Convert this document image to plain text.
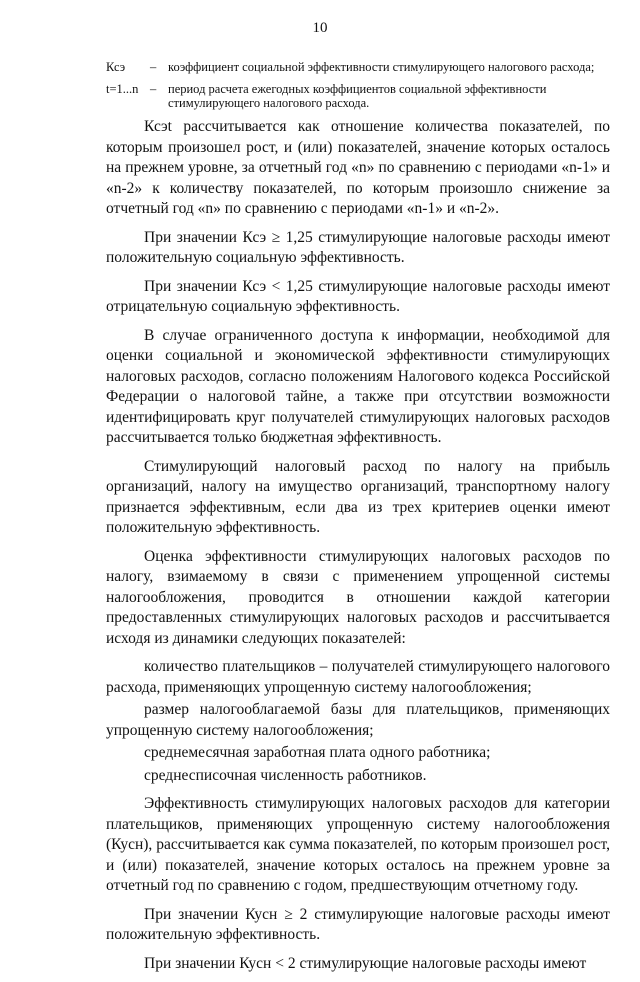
10
Ксэ	– коэффициент социальной эффективности стимулирующего налогового расхода;
t=1...n – период расчета ежегодных коэффициентов социальной эффективности стимулирующего налогового расхода.

Ксэt рассчитывается как отношение количества показателей, по которым произошел рост, и (или) показателей, значение которых осталось на прежнем уровне, за отчетный год «n» по сравнению с периодами «n-1» и «n-2» к количеству показателей, по которым произошло снижение за отчетный год «n» по сравнению с периодами «n-1» и «n-2».

При значении Ксэ ≥ 1,25 стимулирующие налоговые расходы имеют положительную социальную эффективность.

При значении Ксэ < 1,25 стимулирующие налоговые расходы имеют отрицательную социальную эффективность.

В случае ограниченного доступа к информации, необходимой для оценки социальной и экономической эффективности стимулирующих налоговых расходов, согласно положениям Налогового кодекса Российской Федерации о налоговой тайне, а также при отсутствии возможности идентифицировать круг получателей стимулирующих налоговых расходов рассчитывается только бюджетная эффективность.

Стимулирующий налоговый расход по налогу на прибыль организаций, налогу на имущество организаций, транспортному налогу признается эффективным, если два из трех критериев оценки имеют положительную эффективность.

Оценка эффективности стимулирующих налоговых расходов по налогу, взимаемому в связи с применением упрощенной системы налогообложения, проводится в отношении каждой категории предоставленных стимулирующих налоговых расходов и рассчитывается исходя из динамики следующих показателей:

количество плательщиков – получателей стимулирующего налогового расхода, применяющих упрощенную систему налогообложения;

размер налогооблагаемой базы для плательщиков, применяющих упрощенную систему налогообложения;

среднемесячная заработная плата одного работника;

среднесписочная численность работников.

Эффективность стимулирующих налоговых расходов для категории плательщиков, применяющих упрощенную систему налогообложения (Кусн), рассчитывается как сумма показателей, по которым произошел рост, и (или) показателей, значение которых осталось на прежнем уровне за отчетный год по сравнению с годом, предшествующим отчетному году.

При значении Кусн ≥ 2 стимулирующие налоговые расходы имеют положительную эффективность.

При значении Кусн < 2 стимулирующие налоговые расходы имеют
